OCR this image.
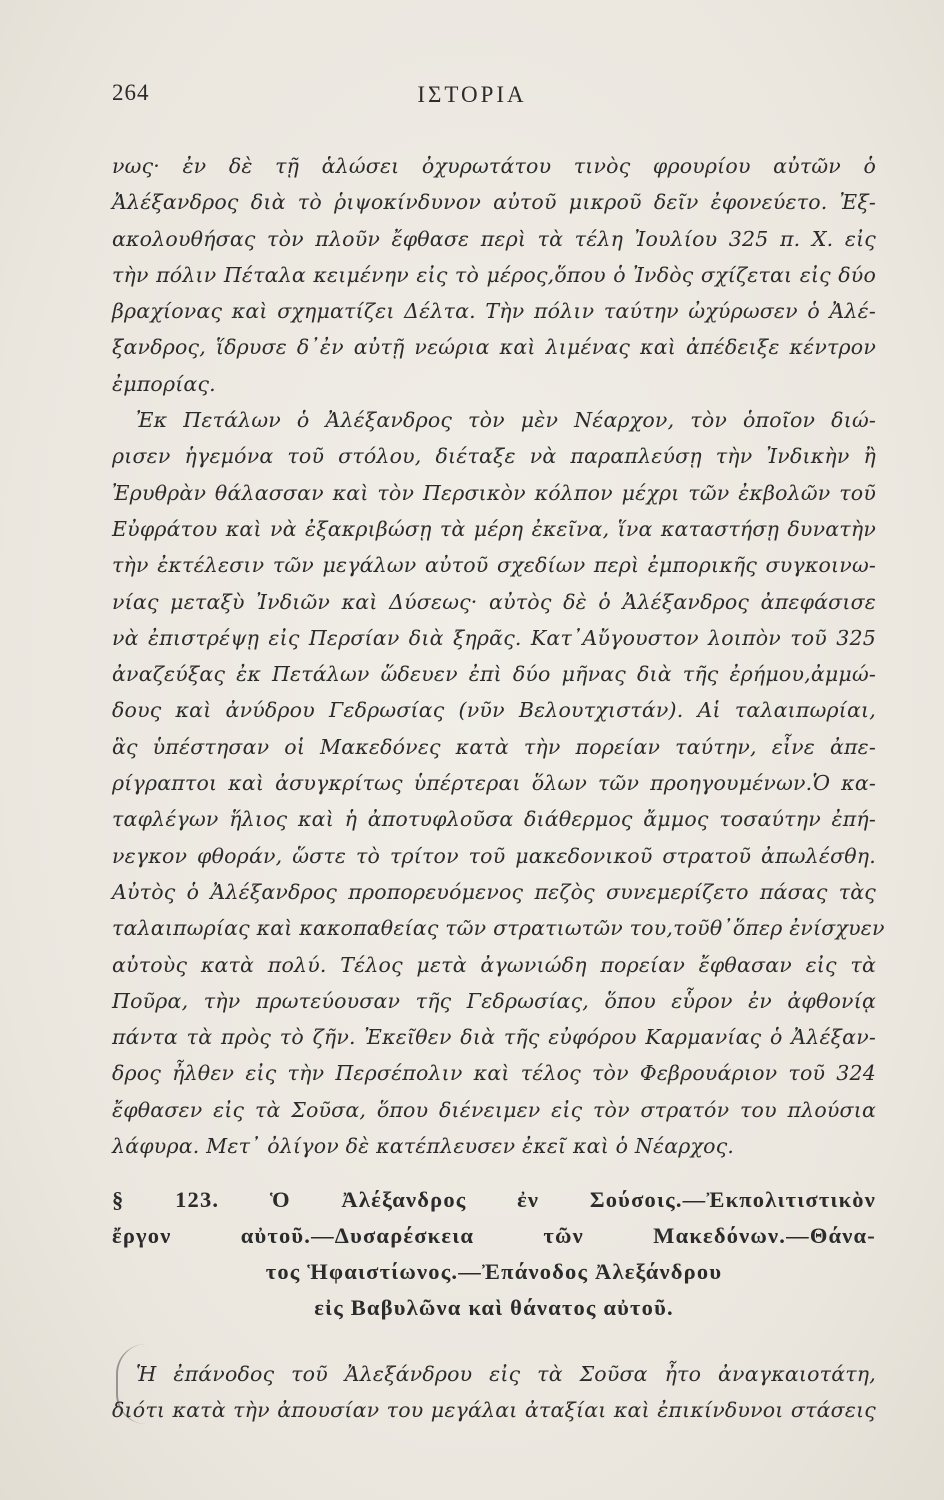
264	ΙΣΤΟΡΙΑ
νως· ἐν δὲ τῇ ἁλώσει ὀχυρωτάτου τινὸς φρουρίου αὐτῶν ὁ
Ἀλέξανδρος διὰ τὸ ῥιψοκίνδυνον αὐτοῦ μικροῦ δεῖν ἐφονεύετο. Ἐξ-
ακολουθήσας τὸν πλοῦν ἔφθασε περὶ τὰ τέλη Ἰουλίου 325 π. Χ. εἰς
τὴν πόλιν Πέταλα κειμένην εἰς τὸ μέρος,ὅπου ὁ Ἰνδὸς σχίζεται εἰς δύο
βραχίονας καὶ σχηματίζει Δέλτα. Τὴν πόλιν ταύτην ὠχύρωσεν ὁ Ἀλέ-
ξανδρος, ἵδρυσε δ᾿ἐν αὐτῇ νεώρια καὶ λιμένας καὶ ἀπέδειξε κέντρον
ἐμπορίας.
Ἐκ Πετάλων ὁ Ἀλέξανδρος τὸν μὲν Νέαρχον, τὸν ὁποῖον διώ-
ρισεν ἡγεμόνα τοῦ στόλου, διέταξε νὰ παραπλεύσῃ τὴν Ἰνδικὴν ἢ
Ἐρυθρὰν θάλασσαν καὶ τὸν Περσικὸν κόλπον μέχρι τῶν ἐκβολῶν τοῦ
Εὐφράτου καὶ νὰ ἐξακριβώσῃ τὰ μέρη ἐκεῖνα, ἵνα καταστήσῃ δυνατὴν
τὴν ἐκτέλεσιν τῶν μεγάλων αὐτοῦ σχεδίων περὶ ἐμπορικῆς συγκοινω-
νίας μεταξὺ Ἰνδιῶν καὶ Δύσεως· αὐτὸς δὲ ὁ Ἀλέξανδρος ἀπεφάσισε
νὰ ἐπιστρέψῃ εἰς Περσίαν διὰ ξηρᾶς. Κατ᾿Αὔγουστον λοιπὸν τοῦ 325
ἀναζεύξας ἐκ Πετάλων ὥδευεν ἐπὶ δύο μῆνας διὰ τῆς ἐρήμου,ἀμμώ-
δους καὶ ἀνύδρου Γεδρωσίας (νῦν Βελουτχιστάν). Αἱ ταλαιπωρίαι,
ἃς ὑπέστησαν οἱ Μακεδόνες κατὰ τὴν πορείαν ταύτην, εἶνε ἀπε-
ρίγραπτοι καὶ ἀσυγκρίτως ὑπέρτεραι ὅλων τῶν προηγουμένων.Ὁ κα-
ταφλέγων ἥλιος καὶ ἡ ἀποτυφλοῦσα διάθερμος ἄμμος τοσαύτην ἐπή-
νεγκον φθοράν, ὥστε τὸ τρίτον τοῦ μακεδονικοῦ στρατοῦ ἀπωλέσθη.
Αὐτὸς ὁ Ἀλέξανδρος προπορευόμενος πεζὸς συνεμερίζετο πάσας τὰς
ταλαιπωρίας καὶ κακοπαθείας τῶν στρατιωτῶν του,τοῦθ᾿ὅπερ ἐνίσχυεν
αὐτοὺς κατὰ πολύ. Τέλος μετὰ ἀγωνιώδη πορείαν ἔφθασαν εἰς τὰ
Ποῦρα, τὴν πρωτεύουσαν τῆς Γεδρωσίας, ὅπου εὗρον ἐν ἀφθονίᾳ
πάντα τὰ πρὸς τὸ ζῆν. Ἐκεῖθεν διὰ τῆς εὐφόρου Καρμανίας ὁ Ἀλέξαν-
δρος ἦλθεν εἰς τὴν Περσέπολιν καὶ τέλος τὸν Φεβρουάριον τοῦ 324
ἔφθασεν εἰς τὰ Σοῦσα, ὅπου διένειμεν εἰς τὸν στρατόν του πλούσια
λάφυρα. Μετ᾿ ὀλίγον δὲ κατέπλευσεν ἐκεῖ καὶ ὁ Νέαρχος.
§ 123. Ὁ Ἀλέξανδρος ἐν Σούσοις.—Ἐκπολιτιστικὸν
ἔργον αὐτοῦ.—Δυσαρέσκεια τῶν Μακεδόνων.—Θάνα-
τος Ἡφαιστίωνος.—Ἐπάνοδος Ἀλεξάνδρου
εἰς Βαβυλῶνα καὶ θάνατος αὐτοῦ.
Ἡ ἐπάνοδος τοῦ Ἀλεξάνδρου εἰς τὰ Σοῦσα ἦτο ἀναγκαιοτάτη,
διότι κατὰ τὴν ἀπουσίαν του μεγάλαι ἀταξίαι καὶ ἐπικίνδυνοι στάσεις
